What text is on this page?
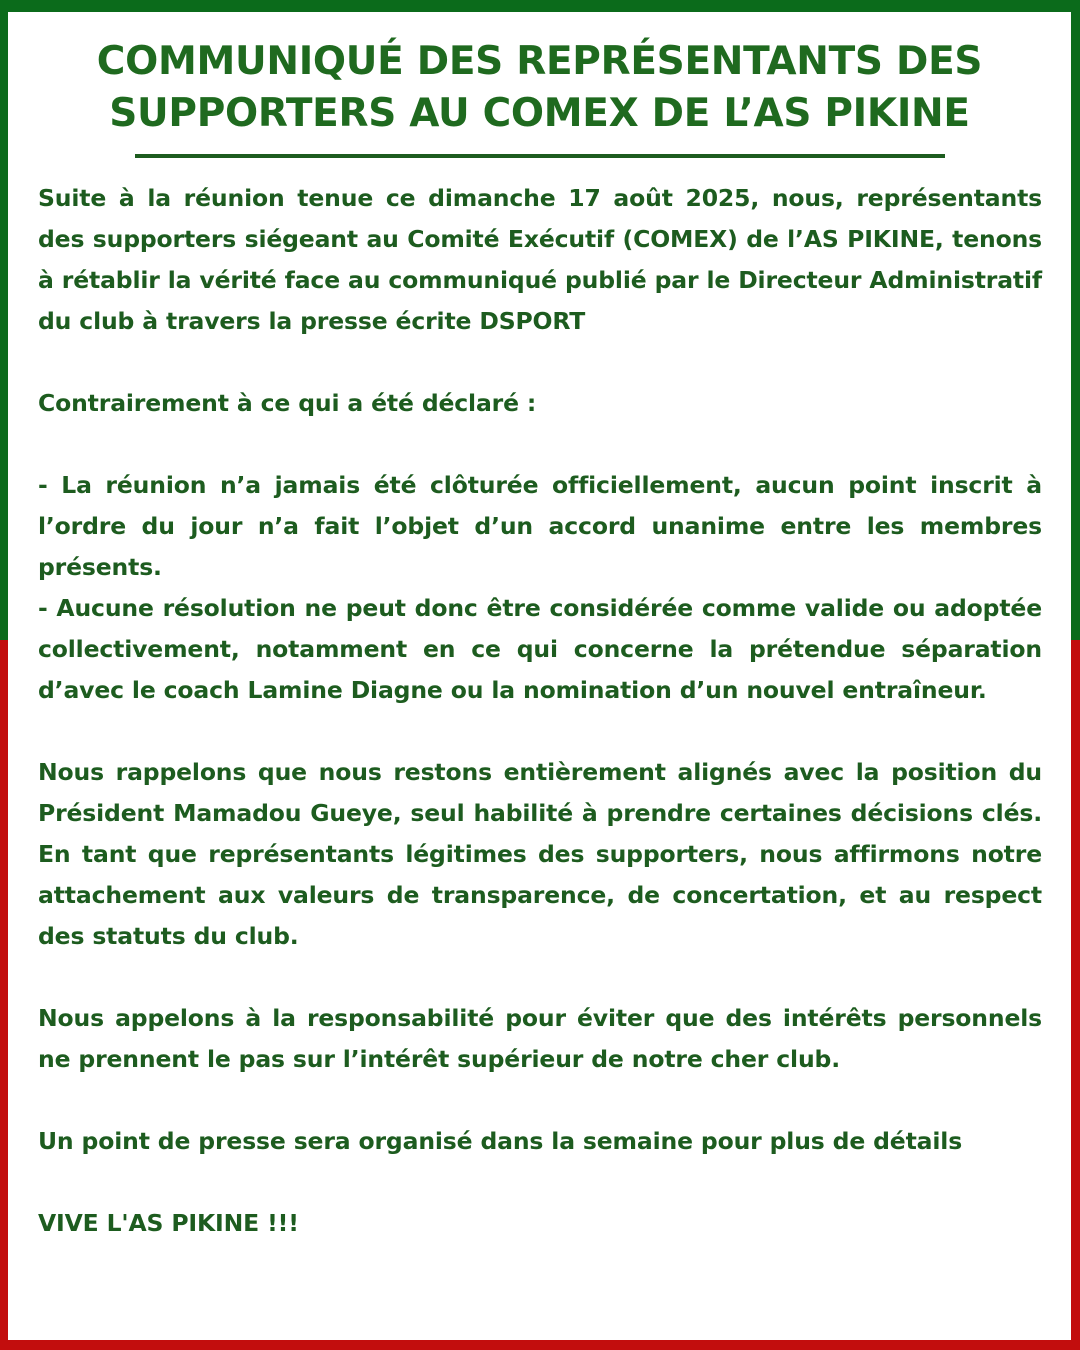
COMMUNIQUÉ DES REPRÉSENTANTS DES
SUPPORTERS AU COMEX DE L’AS PIKINE

Suite à la réunion tenue ce dimanche 17 août 2025, nous, représentants des supporters siégeant au Comité Exécutif (COMEX) de l’AS PIKINE, tenons à rétablir la vérité face au communiqué publié par le Directeur Administratif du club à travers la presse écrite DSPORT

Contrairement à ce qui a été déclaré :

- La réunion n’a jamais été clôturée officiellement, aucun point inscrit à l’ordre du jour n’a fait l’objet d’un accord unanime entre les membres présents.

- Aucune résolution ne peut donc être considérée comme valide ou adoptée collectivement, notamment en ce qui concerne la prétendue séparation d’avec le coach Lamine Diagne ou la nomination d’un nouvel entraîneur.

Nous rappelons que nous restons entièrement alignés avec la position du Président Mamadou Gueye, seul habilité à prendre certaines décisions clés. En tant que représentants légitimes des supporters, nous affirmons notre attachement aux valeurs de transparence, de concertation, et au respect des statuts du club.

Nous appelons à la responsabilité pour éviter que des intérêts personnels ne prennent le pas sur l’intérêt supérieur de notre cher club.

Un point de presse sera organisé dans la semaine pour plus de détails

VIVE L'AS PIKINE !!!
